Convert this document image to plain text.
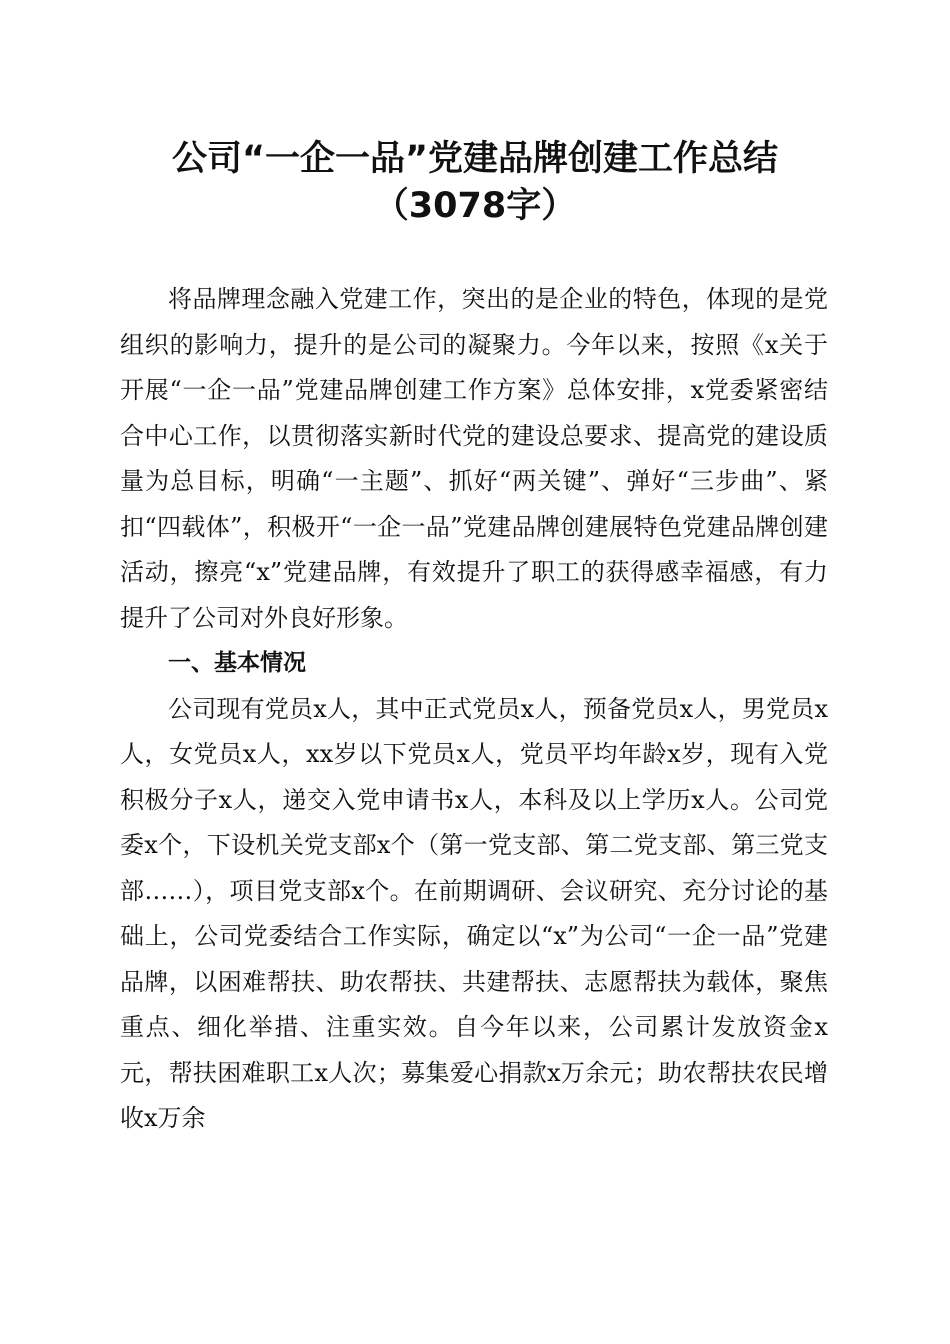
公司“一企一品”党建品牌创建工作总结
（3078字）

将品牌理念融入党建工作，突出的是企业的特色，体现的是党组织的影响力，提升的是公司的凝聚力。今年以来，按照《x关于开展“一企一品”党建品牌创建工作方案》总体安排，x党委紧密结合中心工作，以贯彻落实新时代党的建设总要求、提高党的建设质量为总目标，明确“一主题”、抓好“两关键”、弹好“三步曲”、紧扣“四载体”，积极开“一企一品”党建品牌创建展特色党建品牌创建活动，擦亮“x”党建品牌，有效提升了职工的获得感幸福感，有力提升了公司对外良好形象。

一、基本情况

公司现有党员x人，其中正式党员x人，预备党员x人，男党员x人，女党员x人，xx岁以下党员x人，党员平均年龄x岁，现有入党积极分子x人，递交入党申请书x人，本科及以上学历x人。公司党委x个，下设机关党支部x个（第一党支部、第二党支部、第三党支部……），项目党支部x个。在前期调研、会议研究、充分讨论的基础上，公司党委结合工作实际，确定以“x”为公司“一企一品”党建品牌，以困难帮扶、助农帮扶、共建帮扶、志愿帮扶为载体，聚焦重点、细化举措、注重实效。自今年以来，公司累计发放资金x元，帮扶困难职工x人次；募集爱心捐款x万余元；助农帮扶农民增收x万余
